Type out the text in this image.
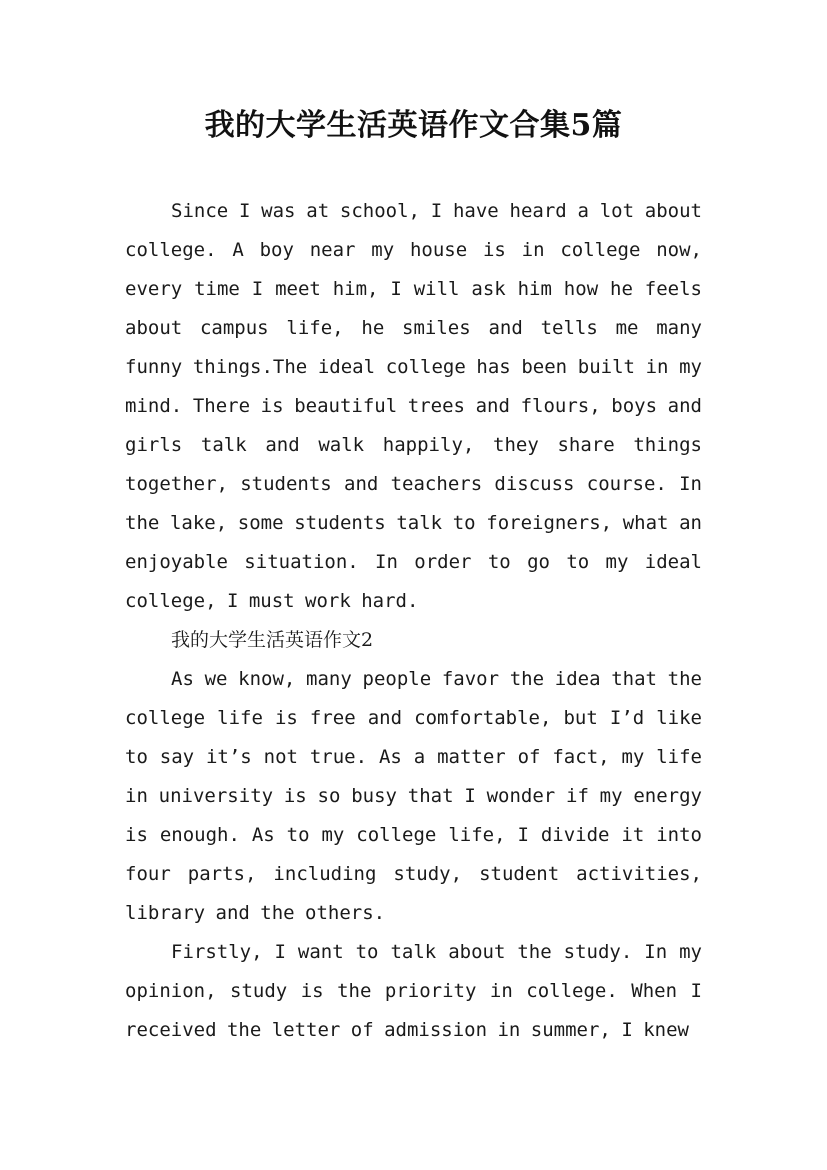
我的大学生活英语作文合集5篇

Since I was at school, I have heard a lot about college. A boy near my house is in college now, every time I meet him, I will ask him how he feels about campus life, he smiles and tells me many funny things.The ideal college has been built in my mind. There is beautiful trees and flours, boys and girls talk and walk happily, they share things together, students and teachers discuss course. In the lake, some students talk to foreigners, what an enjoyable situation. In order to go to my ideal college, I must work hard.

我的大学生活英语作文2

As we know, many people favor the idea that the college life is free and comfortable, but I’d like to say it’s not true. As a matter of fact, my life in university is so busy that I wonder if my energy is enough. As to my college life, I divide it into four parts, including study, student activities, library and the others.

Firstly, I want to talk about the study. In my opinion, study is the priority in college. When I received the letter of admission in summer, I knew
